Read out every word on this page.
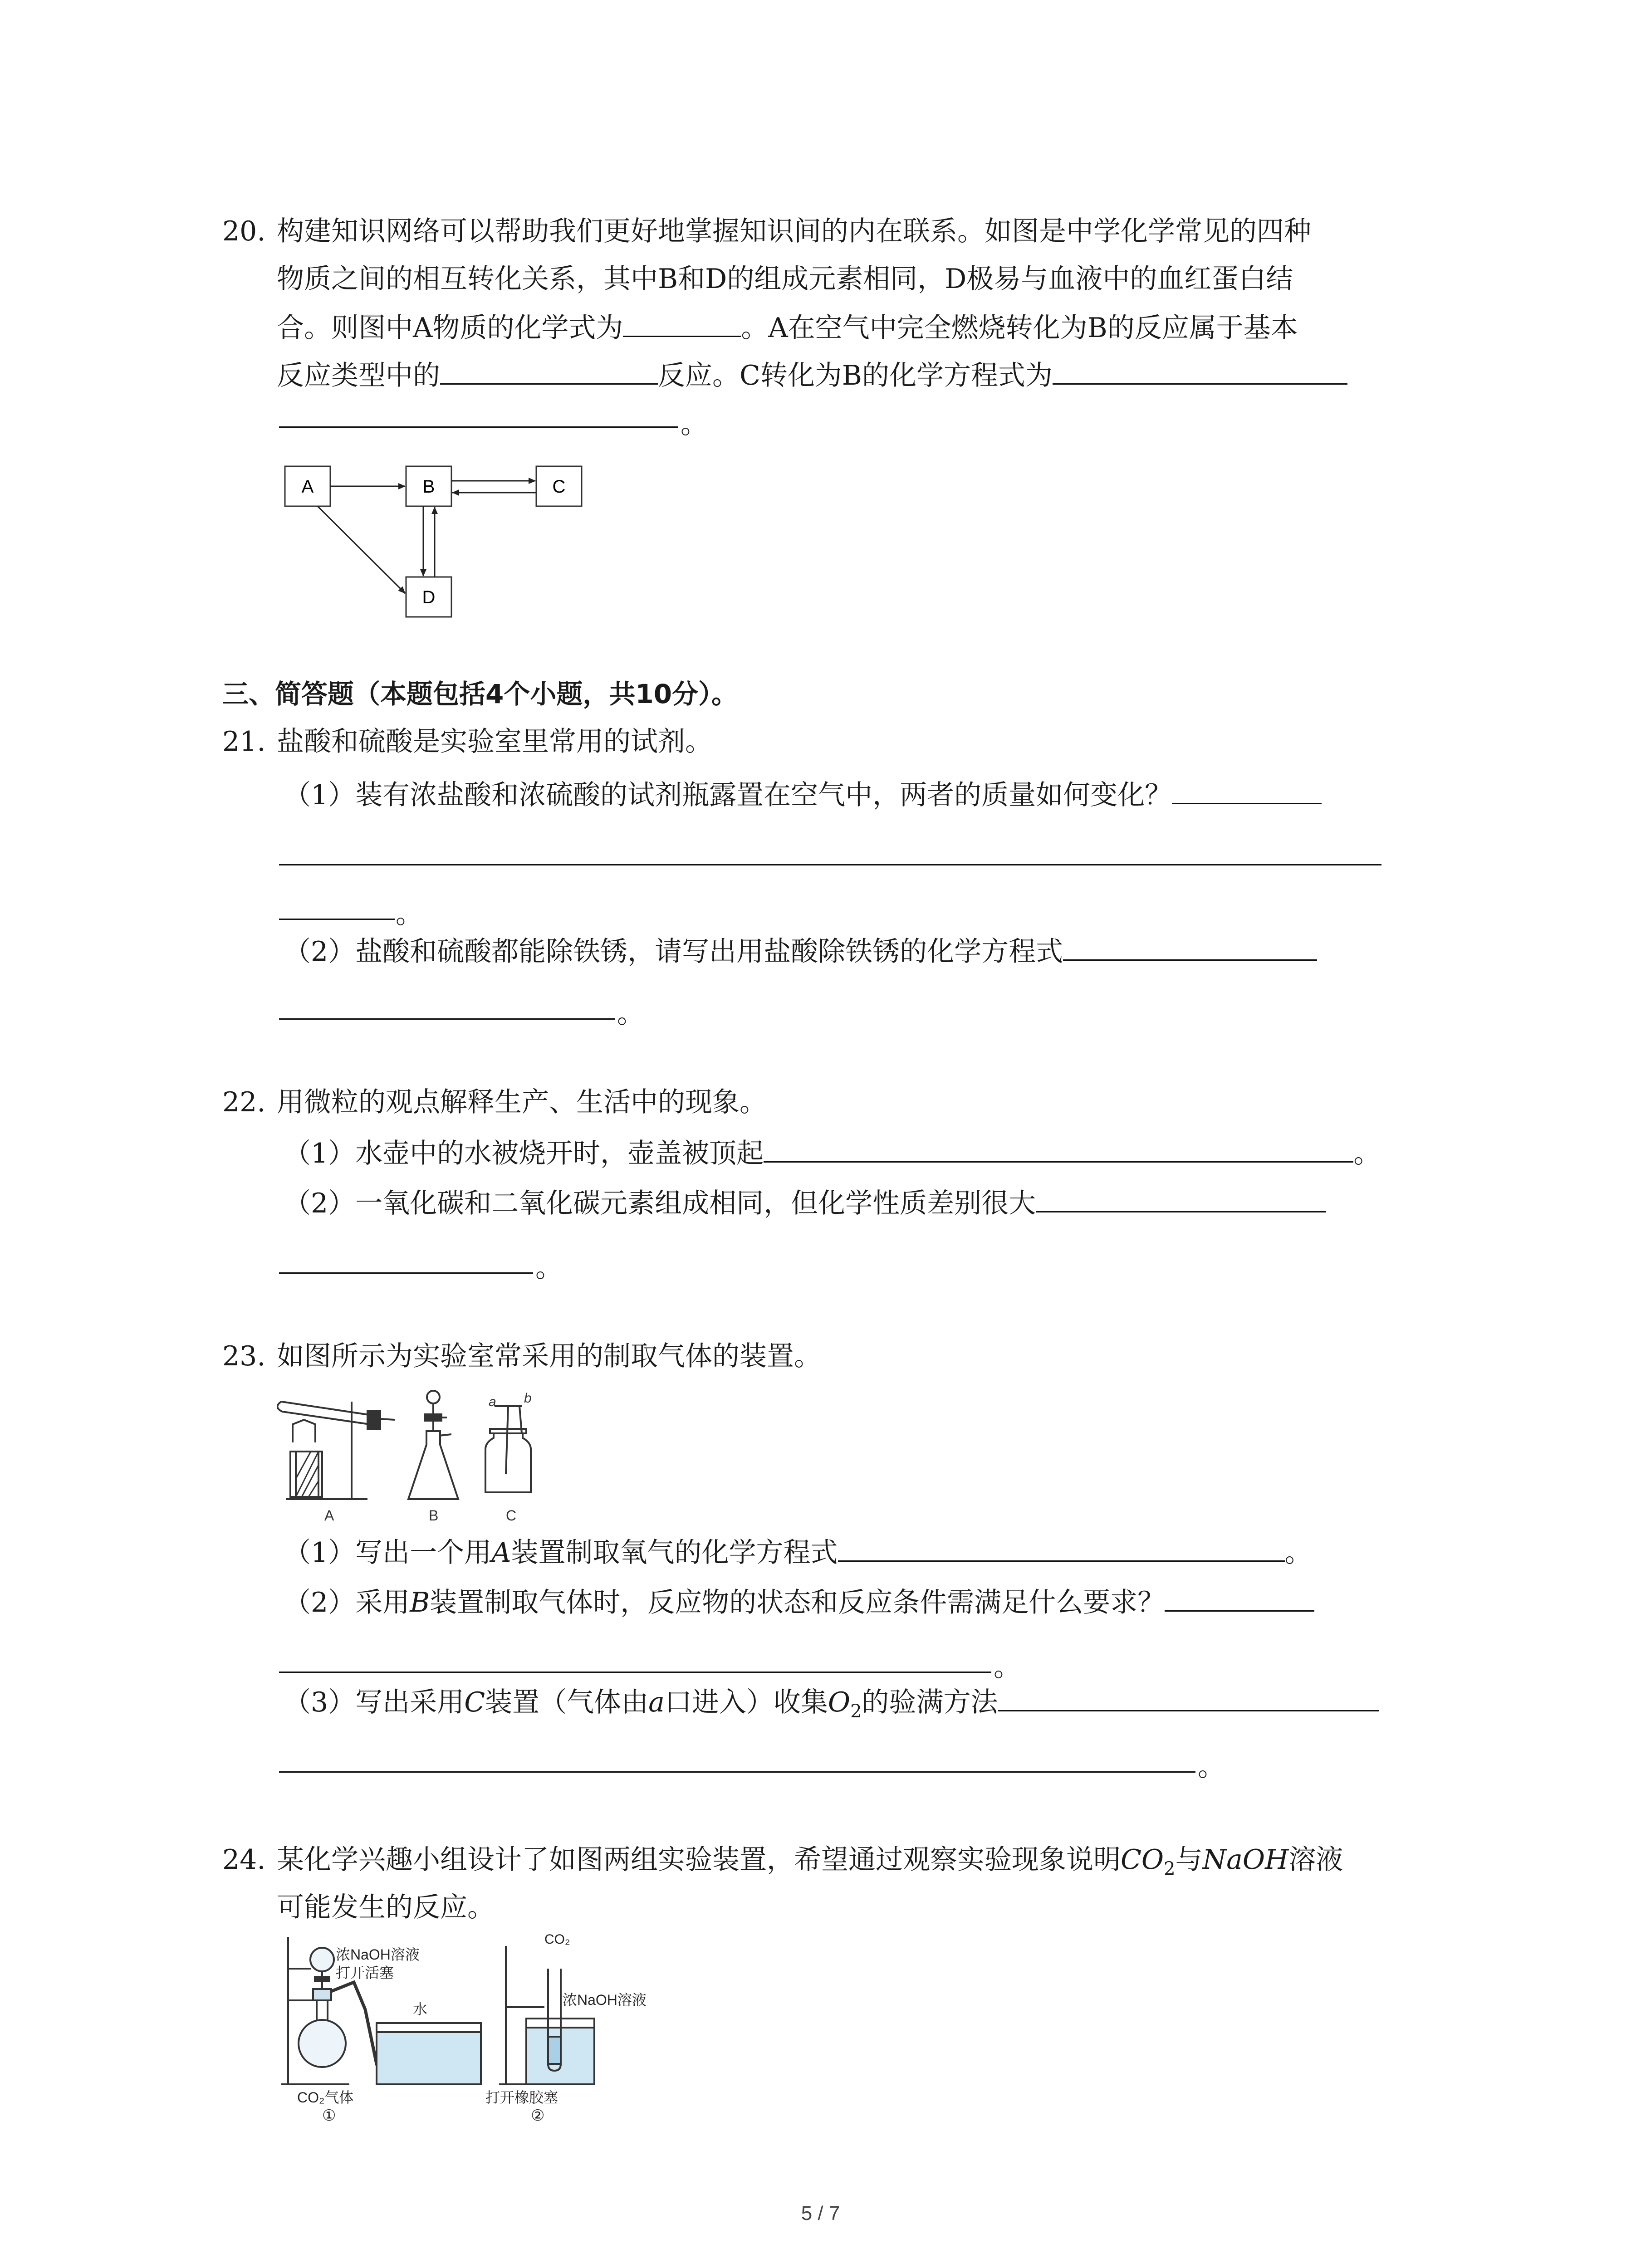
20. 构建知识网络可以帮助我们更好地掌握知识间的内在联系。如图是中学化学常见的四种
物质之间的相互转化关系，其中B和D的组成元素相同，D极易与血液中的血红蛋白结
合。则图中A物质的化学式为	。A在空气中完全燃烧转化为B的反应属于基本
反应类型中的	反应。C转化为B的化学方程式为
。
A	B	C
D
三、简答题（本题包括4个小题，共10分）。
21. 盐酸和硫酸是实验室里常用的试剂。
（1）装有浓盐酸和浓硫酸的试剂瓶露置在空气中，两者的质量如何变化？
。
（2）盐酸和硫酸都能除铁锈，请写出用盐酸除铁锈的化学方程式
。
22. 用微粒的观点解释生产、生活中的现象。
（1）水壶中的水被烧开时，壶盖被顶起	。
（2）一氧化碳和二氧化碳元素组成相同，但化学性质差别很大
。
23. 如图所示为实验室常采用的制取气体的装置。
a b
A	B	C
（1）写出一个用A装置制取氧气的化学方程式	。
（2）采用B装置制取气体时，反应物的状态和反应条件需满足什么要求？
。
（3）写出采用C装置（气体由a口进入）收集$O_2$的验满方法
。
24. 某化学兴趣小组设计了如图两组实验装置，希望通过观察实验现象说明$CO_2$与NaOH溶液
可能发生的反应。
浓NaOH溶液
打开活塞
水
CO₂气体
①
CO₂
浓NaOH溶液
打开橡胶塞
②
5 / 7
